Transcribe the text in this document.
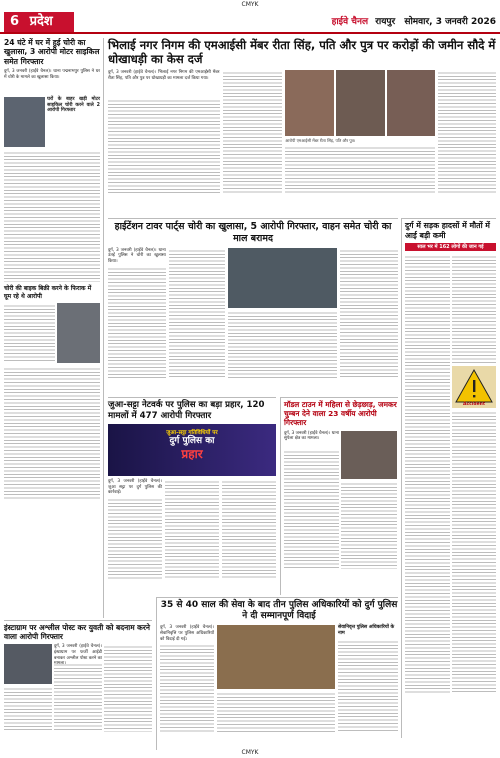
CMYK
6 प्रदेश	हाईवे चैनल रायपुर सोमवार, 3 जनवरी 2026
24 घंटे में घर में हुई चोरी का खुलासा, 3 आरोपी मोटर साइकिल समेत गिरफ्तार
दुर्ग, 3 जनवरी (हाईवे चैनल)। थाना पद्मनाभपुर पुलिस ने घर में चोरी के मामले का खुलासा किया।
घरों के बाहर खड़ी मोटर साइकिल चोरी करने वाले 2 आरोपी गिरफ्तार
चोरी की बाइक बिक्री करने के फिराक में घूम रहे थे आरोपी
भिलाई नगर निगम की एमआईसी मेंबर रीता सिंह, पति और पुत्र पर करोड़ों की जमीन सौदे में धोखाधड़ी का केस दर्ज
दुर्ग, 3 जनवरी (हाईवे चैनल)। भिलाई नगर निगम की एमआईसी मेंबर रीता सिंह, पति और पुत्र पर धोखाधड़ी का मामला दर्ज किया गया।
आरोपी एमआईसी मेंबर रीता सिंह, पति और पुत्र।
हाईटेंशन टावर पार्ट्स चोरी का खुलासा, 5 आरोपी गिरफ्तार, वाहन समेत चोरी का माल बरामद
दुर्ग, 3 जनवरी (हाईवे चैनल)। थाना उतई पुलिस ने चोरी का खुलासा किया।
दुर्ग में सड़क हादसों में मौतों में आई बड़ी कमी
साल भर में 162 लोगों की जान गई
Accident
जुआ-सट्टा नेटवर्क पर पुलिस का बड़ा प्रहार, 120 मामलों में 477 आरोपी गिरफ्तार
जुआ-सट्टा गतिविधियों पर
दुर्ग पुलिस का
प्रहार
दुर्ग, 3 जनवरी (हाईवे चैनल)। जुआ सट्टा पर दुर्ग पुलिस की कार्रवाई।
मॉडल टाउन में महिला से छेड़छाड़, जमकर चुम्बन देने वाला 23 वर्षीय आरोपी गिरफ्तार
दुर्ग, 3 जनवरी (हाईवे चैनल)। थाना सुपेला क्षेत्र का मामला।
इंस्टाग्राम पर अश्लील पोस्ट कर युवती को बदनाम करने वाला आरोपी गिरफ्तार
दुर्ग, 3 जनवरी (हाईवे चैनल)। इंस्टाग्राम पर फर्जी आईडी बनाकर अश्लील पोस्ट करने का मामला।
35 से 40 साल की सेवा के बाद तीन पुलिस अधिकारियों को दुर्ग पुलिस ने दी सम्मानपूर्ण विदाई
दुर्ग, 3 जनवरी (हाईवे चैनल)। सेवानिवृत्ति पर पुलिस अधिकारियों को विदाई दी गई।
सेवानिवृत्त पुलिस अधिकारियों के नाम
CMYK
